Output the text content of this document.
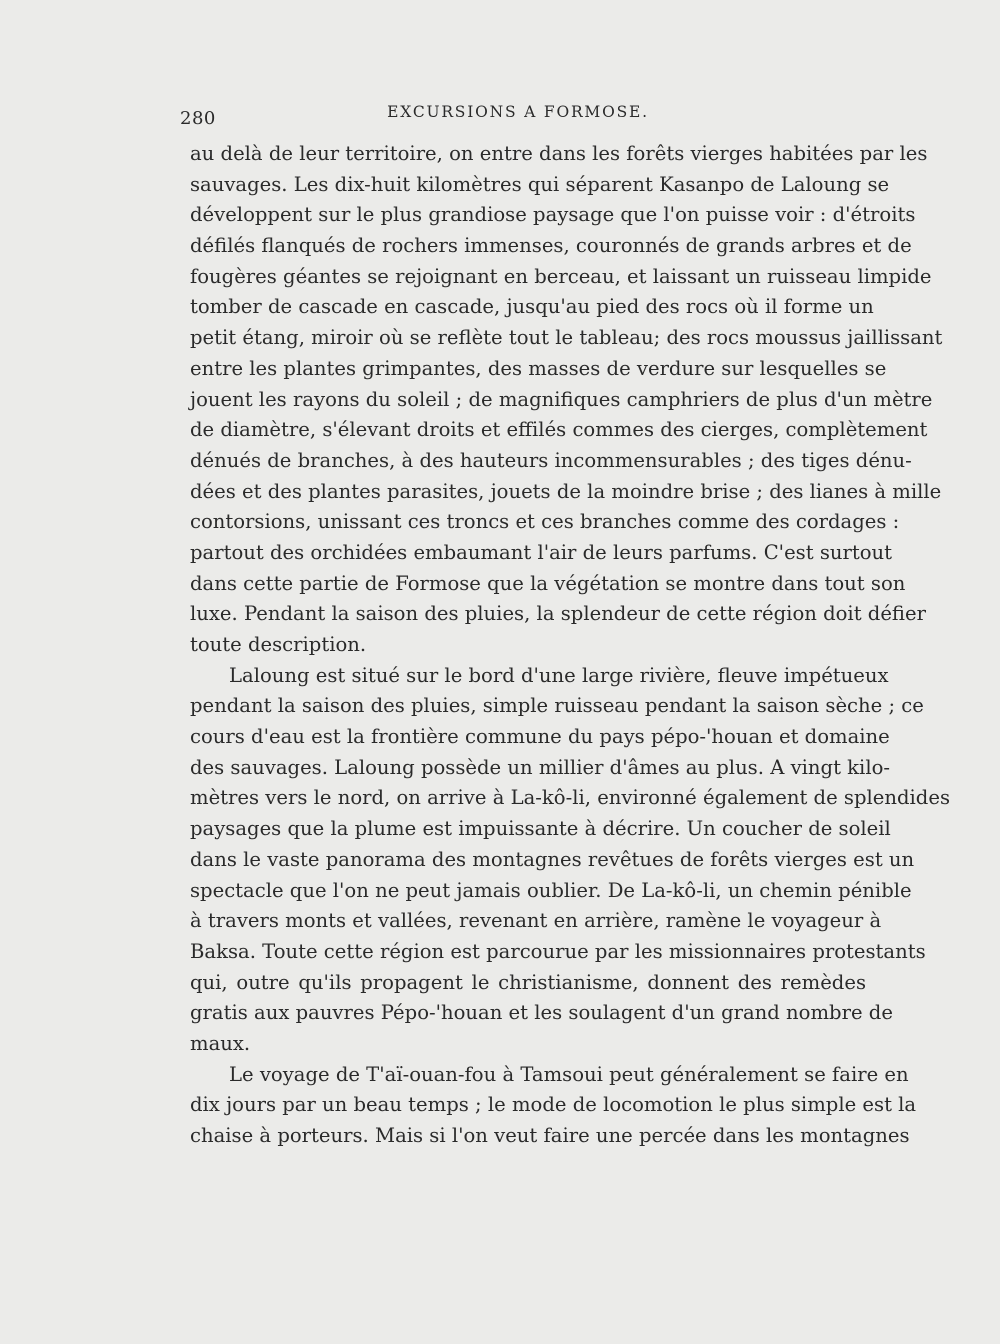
280	EXCURSIONS A FORMOSE.
au delà de leur territoire, on entre dans les forêts vierges habitées par les
sauvages. Les dix-huit kilomètres qui séparent Kasanpo de Laloung se
développent sur le plus grandiose paysage que l'on puisse voir : d'étroits
défilés flanqués de rochers immenses, couronnés de grands arbres et de
fougères géantes se rejoignant en berceau, et laissant un ruisseau limpide
tomber de cascade en cascade, jusqu'au pied des rocs où il forme un
petit étang, miroir où se reflète tout le tableau; des rocs moussus jaillissant
entre les plantes grimpantes, des masses de verdure sur lesquelles se
jouent les rayons du soleil ; de magnifiques camphriers de plus d'un mètre
de diamètre, s'élevant droits et effilés commes des cierges, complètement
dénués de branches, à des hauteurs incommensurables ; des tiges dénu-
dées et des plantes parasites, jouets de la moindre brise ; des lianes à mille
contorsions, unissant ces troncs et ces branches comme des cordages :
partout des orchidées embaumant l'air de leurs parfums. C'est surtout
dans cette partie de Formose que la végétation se montre dans tout son
luxe. Pendant la saison des pluies, la splendeur de cette région doit défier
toute description.
Laloung est situé sur le bord d'une large rivière, fleuve impétueux
pendant la saison des pluies, simple ruisseau pendant la saison sèche ; ce
cours d'eau est la frontière commune du pays pépo-'houan et domaine
des sauvages. Laloung possède un millier d'âmes au plus. A vingt kilo-
mètres vers le nord, on arrive à La-kô-li, environné également de splendides
paysages que la plume est impuissante à décrire. Un coucher de soleil
dans le vaste panorama des montagnes revêtues de forêts vierges est un
spectacle que l'on ne peut jamais oublier. De La-kô-li, un chemin pénible
à travers monts et vallées, revenant en arrière, ramène le voyageur à
Baksa. Toute cette région est parcourue par les missionnaires protestants
qui, outre qu'ils propagent le christianisme, donnent des remèdes
gratis aux pauvres Pépo-'houan et les soulagent d'un grand nombre de
maux.
Le voyage de T'aï-ouan-fou à Tamsoui peut généralement se faire en
dix jours par un beau temps ; le mode de locomotion le plus simple est la
chaise à porteurs. Mais si l'on veut faire une percée dans les montagnes
